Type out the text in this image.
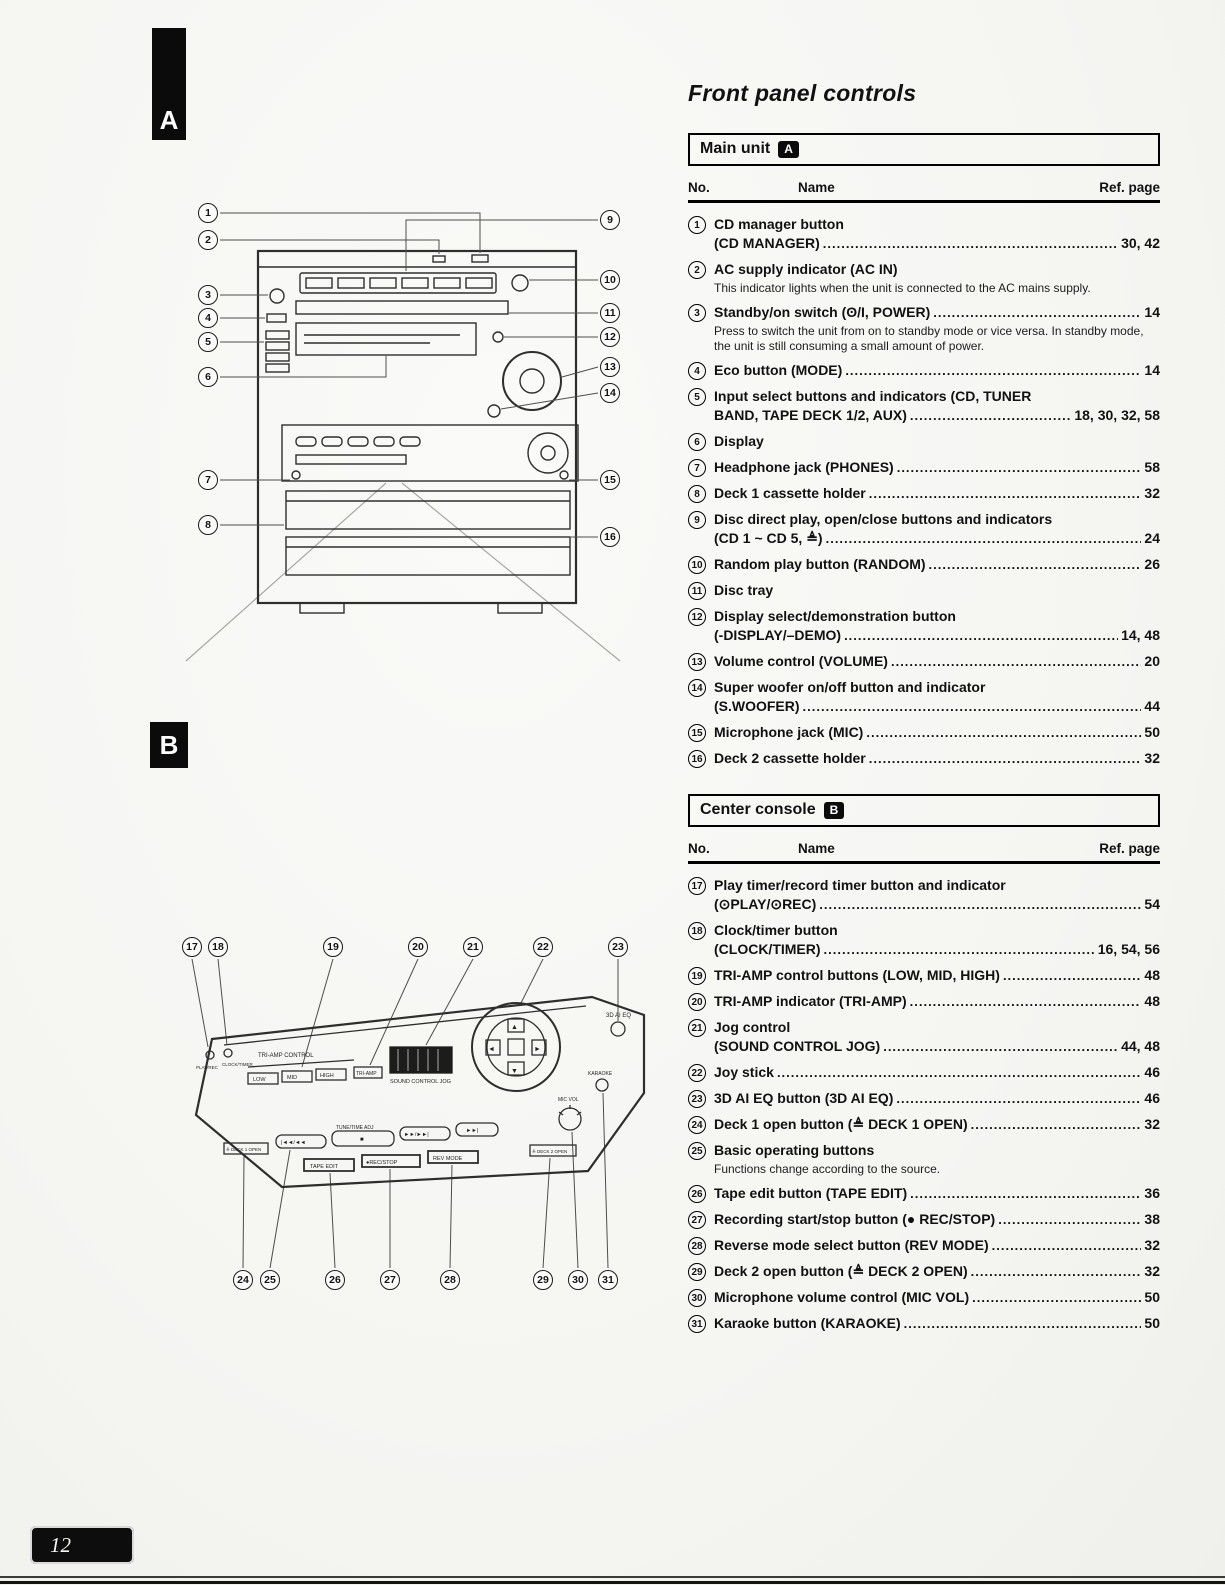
A
B
1
2
3
4
5
6
7
8
9
10
11
12
13
14
15
16
TRI-AMP CONTROL
LOW	MID	HIGH	TRI-AMP
SOUND CONTROL JOG
3D AI EQ
KARAOKE
MIC VOL
PLAY/REC
CLOCK/TIMER
|◄◄/◄◄	■
►►/►►|
►►|
TUNE/TIME ADJ
TAPE EDIT
●REC/STOP
REV MODE
≜ DECK 1 OPEN	≜ DECK 2 OPEN
▲
▼
◄	►
17	18	19	20	21	22	23
24	25	26	27	28	29	30	31
Front panel controls
Main unit	A
No.	Name	Ref. page
1	CD manager button
(CD MANAGER) .....	30, 42
2	AC supply indicator (AC IN)
This indicator lights when the unit is connected to the AC mains supply.
3	Standby/on switch (ʘ/I, POWER) .....	14
Press to switch the unit from on to standby mode or vice versa. In standby mode, the unit is still consuming a small amount of power.
4	Eco button (MODE) .....	14
5	Input select buttons and indicators (CD, TUNER
BAND, TAPE DECK 1/2, AUX) .....	18, 30, 32, 58
6	Display
7	Headphone jack (PHONES) .....	58
8	Deck 1 cassette holder .....	32
9	Disc direct play, open/close buttons and indicators
(CD 1 ~ CD 5, ≜) .....	24
10 Random play button (RANDOM) .....	26
11 Disc tray
12 Display select/demonstration button
(-DISPLAY/–DEMO) .....	14, 48
13 Volume control (VOLUME) .....	20
14 Super woofer on/off button and indicator
(S.WOOFER) .....	44
15 Microphone jack (MIC) .....	50
16 Deck 2 cassette holder .....	32
Center console	B
No.	Name	Ref. page
17 Play timer/record timer button and indicator
(⊙PLAY/⊙REC) .....	54
18 Clock/timer button
(CLOCK/TIMER) .....	16, 54, 56
19 TRI-AMP control buttons (LOW, MID, HIGH) .....	48
20 TRI-AMP indicator (TRI-AMP) .....	48
21 Jog control
(SOUND CONTROL JOG) .....	44, 48
22 Joy stick .....	46
23 3D AI EQ button (3D AI EQ) .....	46
24 Deck 1 open button (≜ DECK 1 OPEN) .....	32
25 Basic operating buttons
Functions change according to the source.
26 Tape edit button (TAPE EDIT) .....	36
27 Recording start/stop button (● REC/STOP) .....	38
28 Reverse mode select button (REV MODE) .....	32
29 Deck 2 open button (≜ DECK 2 OPEN) .....	32
30 Microphone volume control (MIC VOL) .....	50
31 Karaoke button (KARAOKE) .....	50
12
